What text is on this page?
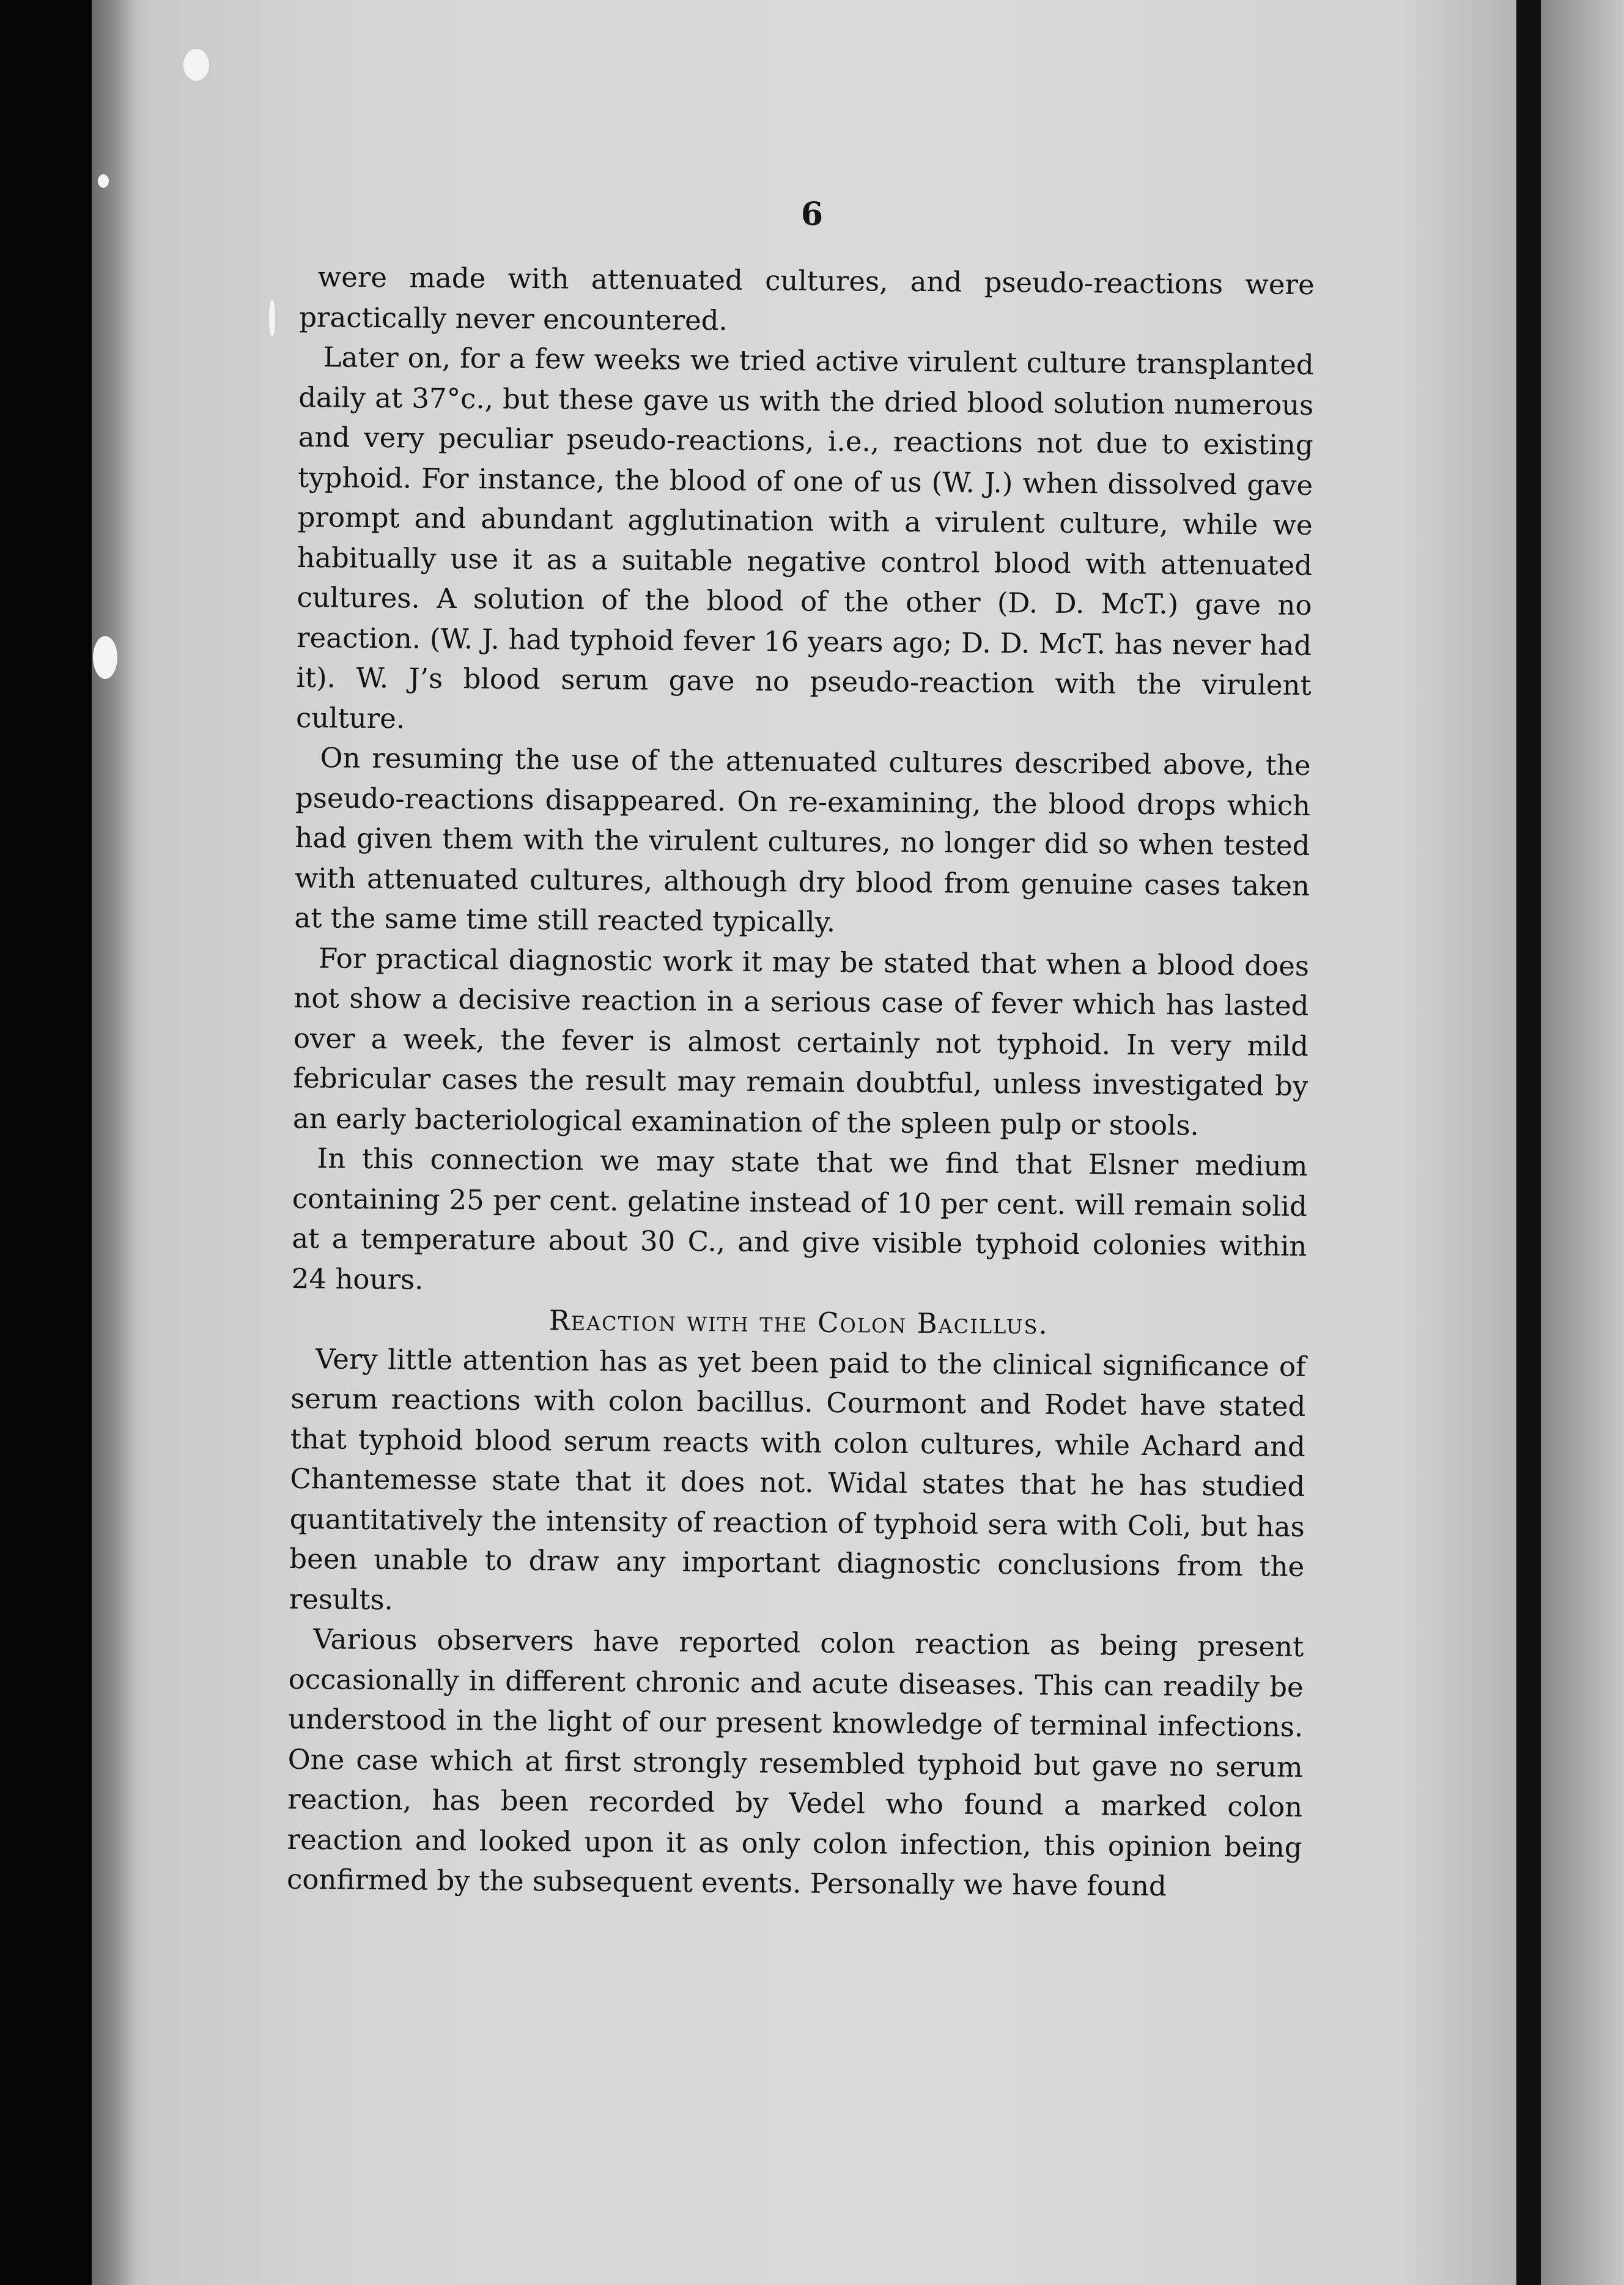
6

were made with attenuated cultures, and pseudo-reactions were practically never encountered.

Later on, for a few weeks we tried active virulent culture transplanted daily at 37°c., but these gave us with the dried blood solution numerous and very peculiar pseudo-reactions, i.e., reactions not due to existing typhoid. For instance, the blood of one of us (W. J.) when dissolved gave prompt and abundant agglutination with a virulent culture, while we habitually use it as a suitable negative control blood with attenuated cultures. A solution of the blood of the other (D. D. McT.) gave no reaction. (W. J. had typhoid fever 16 years ago; D. D. McT. has never had it). W. J’s blood serum gave no pseudo-reaction with the virulent culture.

On resuming the use of the attenuated cultures described above, the pseudo-reactions disappeared. On re-examining, the blood drops which had given them with the virulent cultures, no longer did so when tested with attenuated cultures, although dry blood from genuine cases taken at the same time still reacted typically.

For practical diagnostic work it may be stated that when a blood does not show a decisive reaction in a serious case of fever which has lasted over a week, the fever is almost certainly not typhoid. In very mild febricular cases the result may remain doubtful, unless investigated by an early bacteriological examination of the spleen pulp or stools.

In this connection we may state that we find that Elsner medium containing 25 per cent. gelatine instead of 10 per cent. will remain solid at a temperature about 30 C., and give visible typhoid colonies within 24 hours.

Reaction with the Colon Bacillus.

Very little attention has as yet been paid to the clinical significance of serum reactions with colon bacillus. Courmont and Rodet have stated that typhoid blood serum reacts with colon cultures, while Achard and Chantemesse state that it does not. Widal states that he has studied quantitatively the intensity of reaction of typhoid sera with Coli, but has been unable to draw any important diagnostic conclusions from the results.

Various observers have reported colon reaction as being present occasionally in different chronic and acute diseases. This can readily be understood in the light of our present knowledge of terminal infections. One case which at first strongly resembled typhoid but gave no serum reaction, has been recorded by Vedel who found a marked colon reaction and looked upon it as only colon infection, this opinion being confirmed by the subsequent events. Personally we have found
